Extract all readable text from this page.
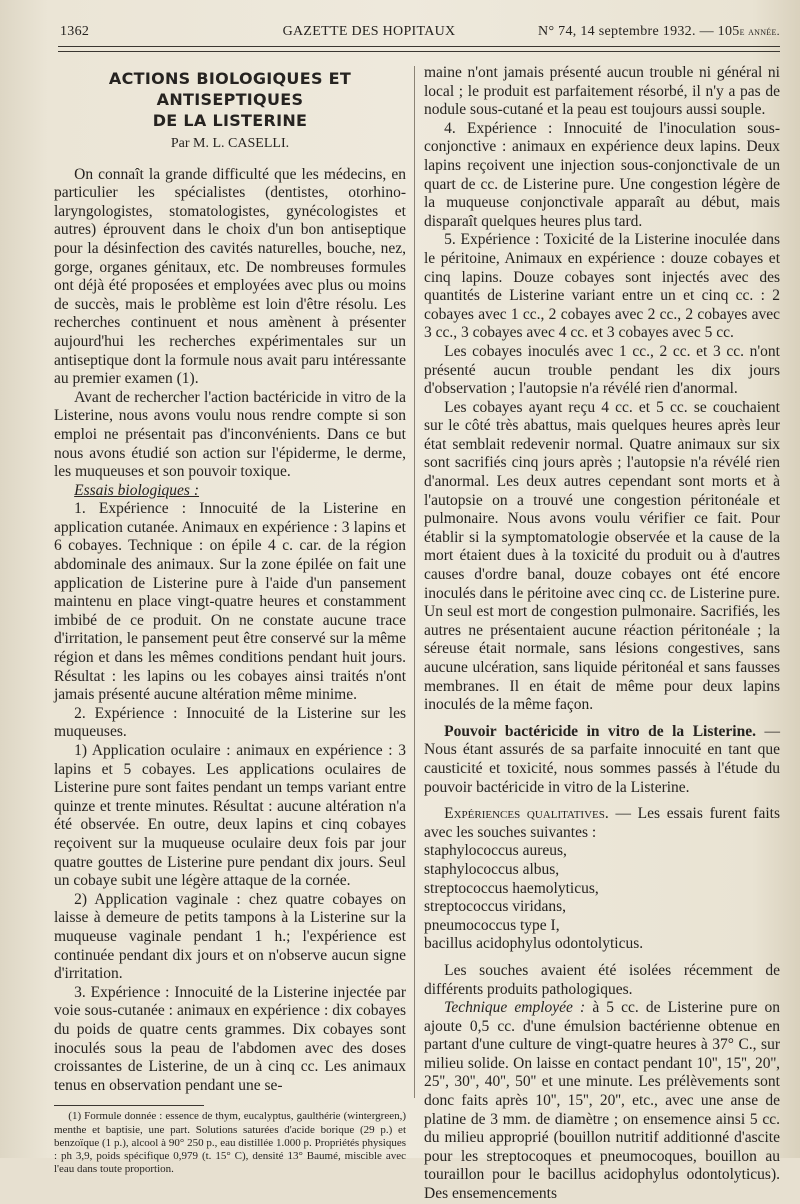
1362	GAZETTE DES HOPITAUX	N° 74, 14 septembre 1932. — 105e année.
ACTIONS BIOLOGIQUES ET ANTISEPTIQUES
DE LA LISTERINE
Par M. L. CASELLI.

On connaît la grande difficulté que les médecins, en particulier les spécialistes (dentistes, otorhino-laryngologistes, stomatologistes, gynécologistes et autres) éprouvent dans le choix d'un bon antiseptique pour la désinfection des cavités naturelles, bouche, nez, gorge, organes génitaux, etc. De nombreuses formules ont déjà été proposées et employées avec plus ou moins de succès, mais le problème est loin d'être résolu. Les recherches continuent et nous amènent à présenter aujourd'hui les recherches expérimentales sur un antiseptique dont la formule nous avait paru intéressante au premier examen (1).

Avant de rechercher l'action bactéricide in vitro de la Listerine, nous avons voulu nous rendre compte si son emploi ne présentait pas d'inconvénients. Dans ce but nous avons étudié son action sur l'épiderme, le derme, les muqueuses et son pouvoir toxique.

Essais biologiques :

1. Expérience : Innocuité de la Listerine en application cutanée. Animaux en expérience : 3 lapins et 6 cobayes. Technique : on épile 4 c. car. de la région abdominale des animaux. Sur la zone épilée on fait une application de Listerine pure à l'aide d'un pansement maintenu en place vingt-quatre heures et constamment imbibé de ce produit. On ne constate aucune trace d'irritation, le pansement peut être conservé sur la même région et dans les mêmes conditions pendant huit jours. Résultat : les lapins ou les cobayes ainsi traités n'ont jamais présenté aucune altération même minime.

2. Expérience : Innocuité de la Listerine sur les muqueuses.

1) Application oculaire : animaux en expérience : 3 lapins et 5 cobayes. Les applications oculaires de Listerine pure sont faites pendant un temps variant entre quinze et trente minutes. Résultat : aucune altération n'a été observée. En outre, deux lapins et cinq cobayes reçoivent sur la muqueuse oculaire deux fois par jour quatre gouttes de Listerine pure pendant dix jours. Seul un cobaye subit une légère attaque de la cornée.

2) Application vaginale : chez quatre cobayes on laisse à demeure de petits tampons à la Listerine sur la muqueuse vaginale pendant 1 h.; l'expérience est continuée pendant dix jours et on n'observe aucun signe d'irritation.

3. Expérience : Innocuité de la Listerine injectée par voie sous-cutanée : animaux en expérience : dix cobayes du poids de quatre cents grammes. Dix cobayes sont inoculés sous la peau de l'abdomen avec des doses croissantes de Listerine, de un à cinq cc. Les animaux tenus en observation pendant une se-

(1) Formule donnée : essence de thym, eucalyptus, gaulthérie (wintergreen,) menthe et baptisie, une part. Solutions saturées d'acide borique (29 p.) et benzoïque (1 p.), alcool à 90° 250 p., eau distillée 1.000 p. Propriétés physiques : ph 3,9, poids spécifique 0,979 (t. 15° C), densité 13° Baumé, miscible avec l'eau dans toute proportion.

maine n'ont jamais présenté aucun trouble ni général ni local ; le produit est parfaitement résorbé, il n'y a pas de nodule sous-cutané et la peau est toujours aussi souple.

4. Expérience : Innocuité de l'inoculation sous-conjonctive : animaux en expérience deux lapins. Deux lapins reçoivent une injection sous-conjonctivale de un quart de cc. de Listerine pure. Une congestion légère de la muqueuse conjonctivale apparaît au début, mais disparaît quelques heures plus tard.

5. Expérience : Toxicité de la Listerine inoculée dans le péritoine, Animaux en expérience : douze cobayes et cinq lapins. Douze cobayes sont injectés avec des quantités de Listerine variant entre un et cinq cc. : 2 cobayes avec 1 cc., 2 cobayes avec 2 cc., 2 cobayes avec 3 cc., 3 cobayes avec 4 cc. et 3 cobayes avec 5 cc.

Les cobayes inoculés avec 1 cc., 2 cc. et 3 cc. n'ont présenté aucun trouble pendant les dix jours d'observation ; l'autopsie n'a révélé rien d'anormal.

Les cobayes ayant reçu 4 cc. et 5 cc. se couchaient sur le côté très abattus, mais quelques heures après leur état semblait redevenir normal. Quatre animaux sur six sont sacrifiés cinq jours après ; l'autopsie n'a révélé rien d'anormal. Les deux autres cependant sont morts et à l'autopsie on a trouvé une congestion péritonéale et pulmonaire. Nous avons voulu vérifier ce fait. Pour établir si la symptomatologie observée et la cause de la mort étaient dues à la toxicité du produit ou à d'autres causes d'ordre banal, douze cobayes ont été encore inoculés dans le péritoine avec cinq cc. de Listerine pure. Un seul est mort de congestion pulmonaire. Sacrifiés, les autres ne présentaient aucune réaction péritonéale ; la séreuse était normale, sans lésions congestives, sans aucune ulcération, sans liquide péritonéal et sans fausses membranes. Il en était de même pour deux lapins inoculés de la même façon.

Pouvoir bactéricide in vitro de la Listerine. — Nous étant assurés de sa parfaite innocuité en tant que causticité et toxicité, nous sommes passés à l'étude du pouvoir bactéricide in vitro de la Listerine.

Expériences qualitatives. — Les essais furent faits avec les souches suivantes :

staphylococcus aureus,
staphylococcus albus,
streptococcus haemolyticus,
streptococcus viridans,
pneumococcus type I,
bacillus acidophylus odontolyticus.

Les souches avaient été isolées récemment de différents produits pathologiques.

Technique employée : à 5 cc. de Listerine pure on ajoute 0,5 cc. d'une émulsion bactérienne obtenue en partant d'une culture de vingt-quatre heures à 37° C., sur milieu solide. On laisse en contact pendant 10'', 15'', 20'', 25'', 30'', 40'', 50'' et une minute. Les prélèvements sont donc faits après 10'', 15'', 20'', etc., avec une anse de platine de 3 mm. de diamètre ; on ensemence ainsi 5 cc. du milieu approprié (bouillon nutritif additionné d'ascite pour les streptocoques et pneumocoques, bouillon au touraillon pour le bacillus acidophylus odontolyticus). Des ensemencements
